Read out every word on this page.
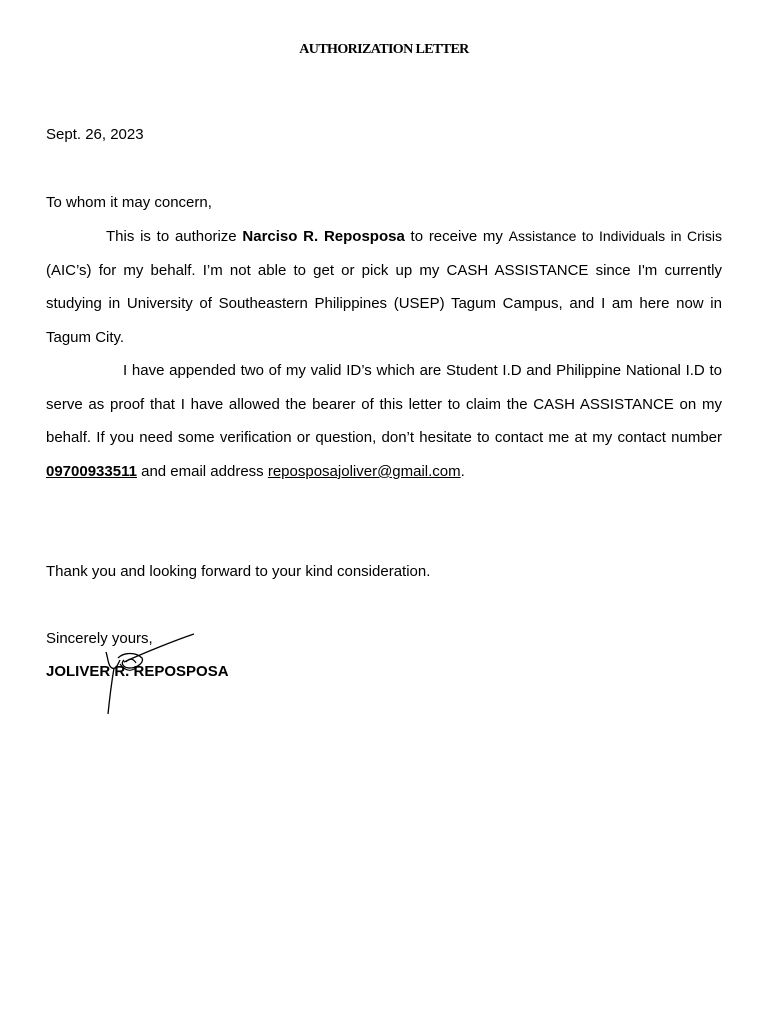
AUTHORIZATION LETTER
Sept. 26, 2023
To whom it may concern,

This is to authorize Narciso R. Reposposa to receive my Assistance to Individuals in Crisis (AIC’s) for my behalf. I’m not able to get or pick up my CASH ASSISTANCE since I'm currently studying in University of Southeastern Philippines (USEP) Tagum Campus, and I am here now in Tagum City.

I have appended two of my valid ID’s which are Student I.D and Philippine National I.D to serve as proof that I have allowed the bearer of this letter to claim the CASH ASSISTANCE on my behalf. If you need some verification or question, don’t hesitate to contact me at my contact number 09700933511 and email address reposposajoliver@gmail.com.

Thank you and looking forward to your kind consideration.
Sincerely yours,
JOLIVER R. REPOSPOSA
